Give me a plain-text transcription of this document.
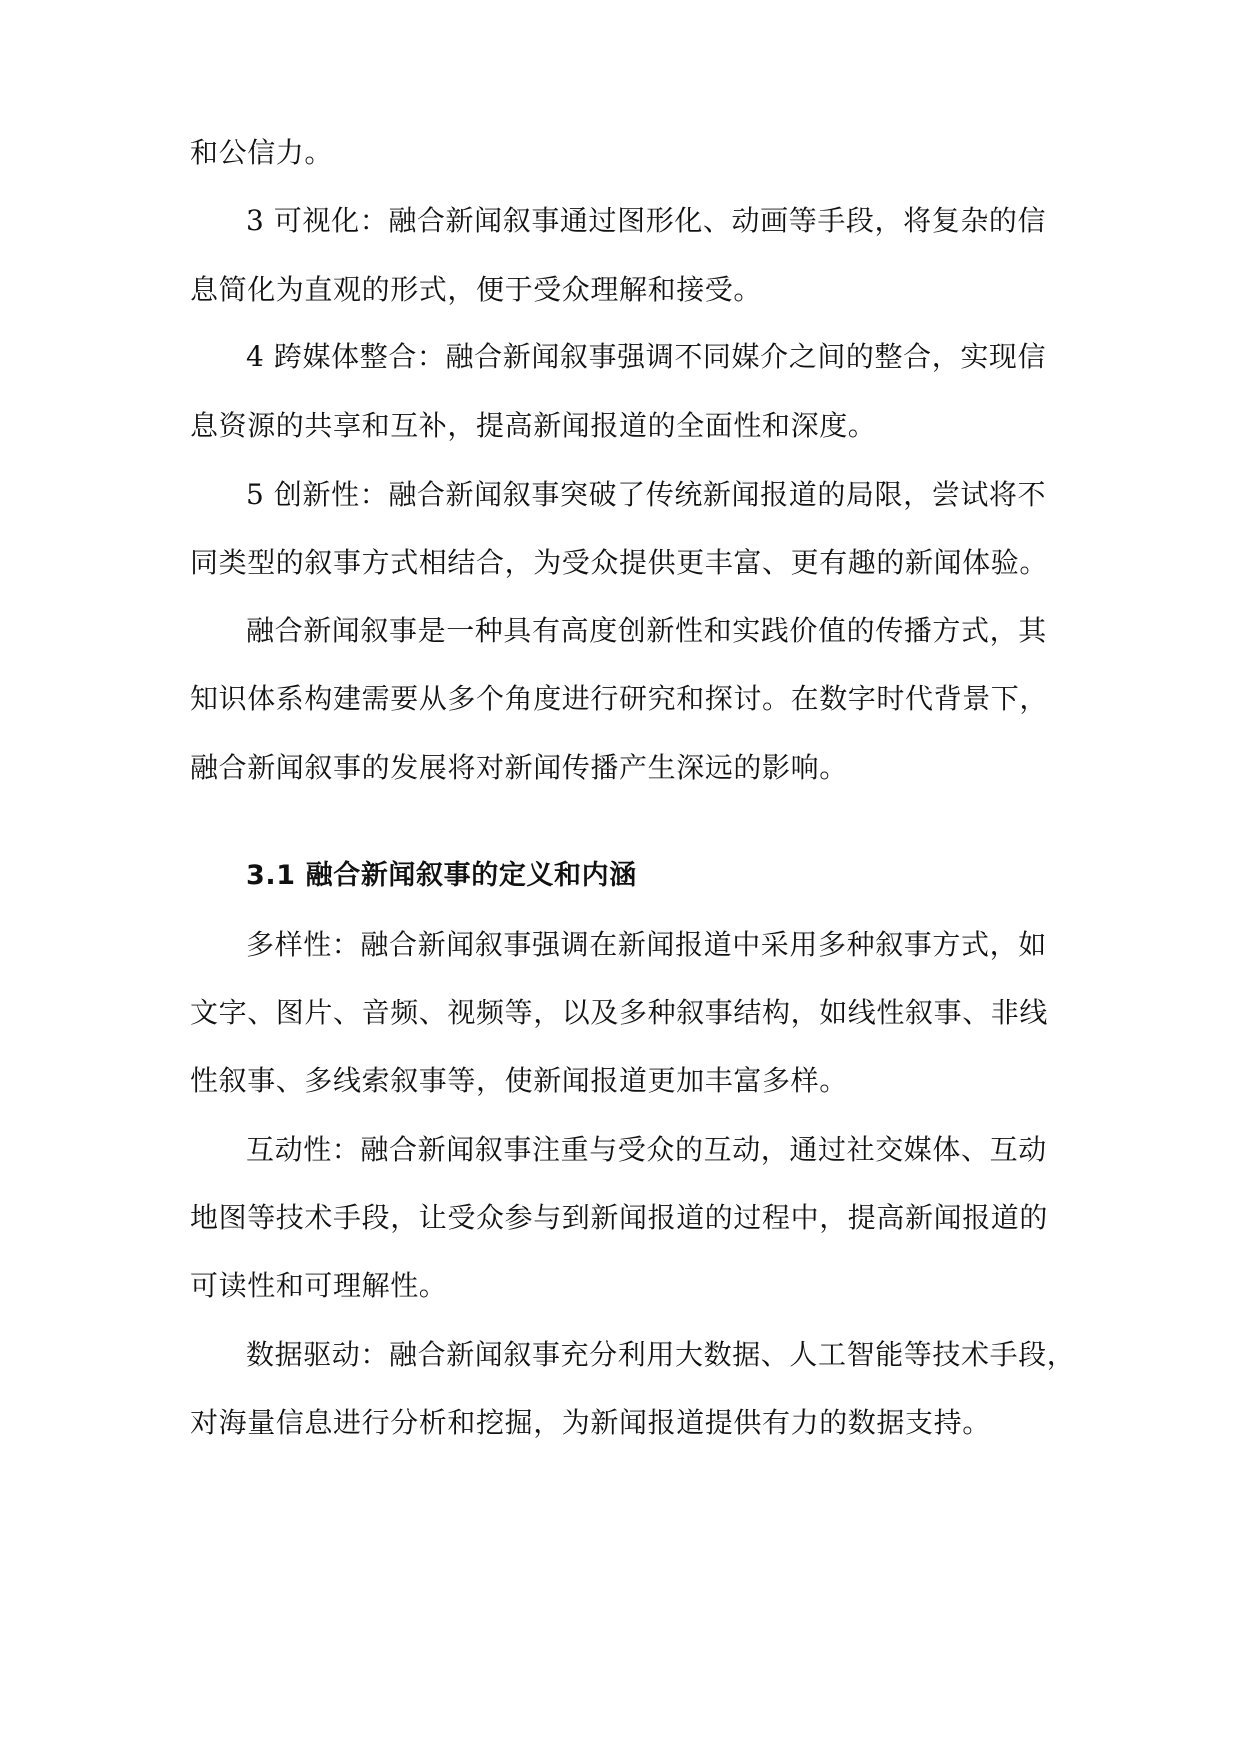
和公信力。
3 可视化：融合新闻叙事通过图形化、动画等手段，将复杂的信
息简化为直观的形式，便于受众理解和接受。
4 跨媒体整合：融合新闻叙事强调不同媒介之间的整合，实现信
息资源的共享和互补，提高新闻报道的全面性和深度。
5 创新性：融合新闻叙事突破了传统新闻报道的局限，尝试将不
同类型的叙事方式相结合，为受众提供更丰富、更有趣的新闻体验。
融合新闻叙事是一种具有高度创新性和实践价值的传播方式，其
知识体系构建需要从多个角度进行研究和探讨。在数字时代背景下，
融合新闻叙事的发展将对新闻传播产生深远的影响。
3.1 融合新闻叙事的定义和内涵
多样性：融合新闻叙事强调在新闻报道中采用多种叙事方式，如
文字、图片、音频、视频等，以及多种叙事结构，如线性叙事、非线
性叙事、多线索叙事等，使新闻报道更加丰富多样。
互动性：融合新闻叙事注重与受众的互动，通过社交媒体、互动
地图等技术手段，让受众参与到新闻报道的过程中，提高新闻报道的
可读性和可理解性。
数据驱动：融合新闻叙事充分利用大数据、人工智能等技术手段，
对海量信息进行分析和挖掘，为新闻报道提供有力的数据支持。
